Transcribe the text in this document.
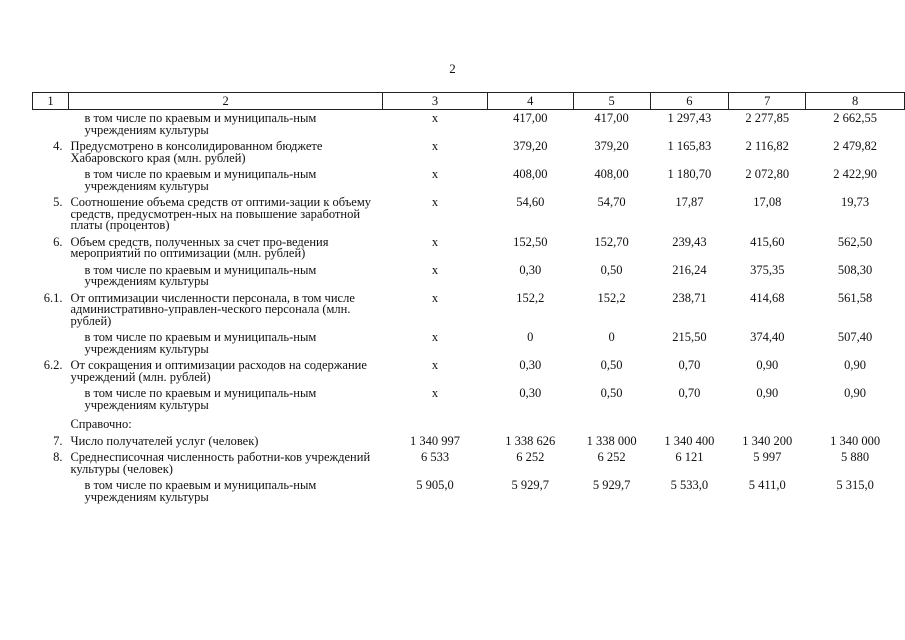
2
1	2	3	4	5	6	7	8
	в том числе по краевым и муниципаль-ным учреждениям культуры	х	417,00	417,00	1 297,43	2 277,85	2 662,55
4.	Предусмотрено в консолидированном бюджете Хабаровского края (млн. рублей)	х	379,20	379,20	1 165,83	2 116,82	2 479,82
	в том числе по краевым и муниципаль-ным учреждениям культуры	х	408,00	408,00	1 180,70	2 072,80	2 422,90
5.	Соотношение объема средств от оптими-зации к объему средств, предусмотрен-ных на повышение заработной платы (процентов)	х	54,60	54,70	17,87	17,08	19,73
6.	Объем средств, полученных за счет про-ведения мероприятий по оптимизации (млн. рублей)	х	152,50	152,70	239,43	415,60	562,50
	в том числе по краевым и муниципаль-ным учреждениям культуры	х	0,30	0,50	216,24	375,35	508,30
6.1.	От оптимизации численности персонала, в том числе административно-управлен-ческого персонала (млн. рублей)	х	152,2	152,2	238,71	414,68	561,58
	в том числе по краевым и муниципаль-ным учреждениям культуры	х	0	0	215,50	374,40	507,40
6.2.	От сокращения и оптимизации расходов на содержание учреждений (млн. рублей)	х	0,30	0,50	0,70	0,90	0,90
	в том числе по краевым и муниципаль-ным учреждениям культуры	х	0,30	0,50	0,70	0,90	0,90
	Справочно:						
7.	Число получателей услуг (человек)	1 340 997	1 338 626	1 338 000	1 340 400	1 340 200	1 340 000
8.	Среднесписочная численность работни-ков учреждений культуры (человек)	6 533	6 252	6 252	6 121	5 997	5 880
	в том числе по краевым и муниципаль-ным учреждениям культуры	5 905,0	5 929,7	5 929,7	5 533,0	5 411,0	5 315,0
